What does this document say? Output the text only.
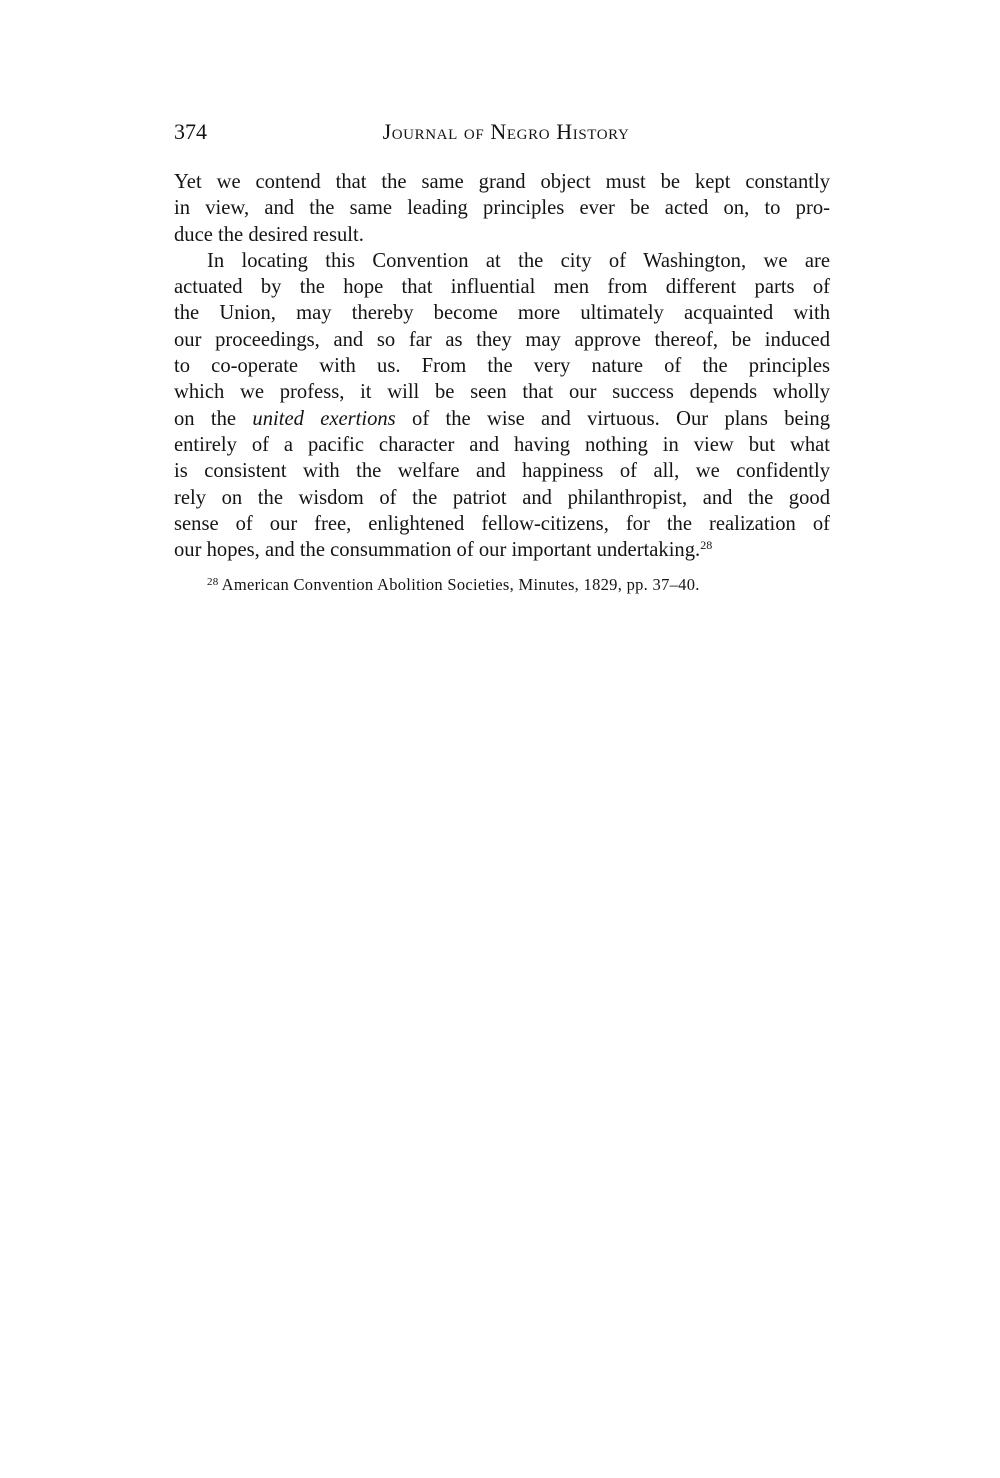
374	Journal of Negro History
Yet we contend that the same grand object must be kept constantly
in view, and the same leading principles ever be acted on, to pro-
duce the desired result.
In locating this Convention at the city of Washington, we are
actuated by the hope that influential men from different parts of
the Union, may thereby become more ultimately acquainted with
our proceedings, and so far as they may approve thereof, be induced
to co-operate with us. From the very nature of the principles
which we profess, it will be seen that our success depends wholly
on the united exertions of the wise and virtuous. Our plans being
entirely of a pacific character and having nothing in view but what
is consistent with the welfare and happiness of all, we confidently
rely on the wisdom of the patriot and philanthropist, and the good
sense of our free, enlightened fellow-citizens, for the realization of
our hopes, and the consummation of our important undertaking.$^{28}$
$^{28}$ American Convention Abolition Societies, Minutes, 1829, pp. 37–40.
